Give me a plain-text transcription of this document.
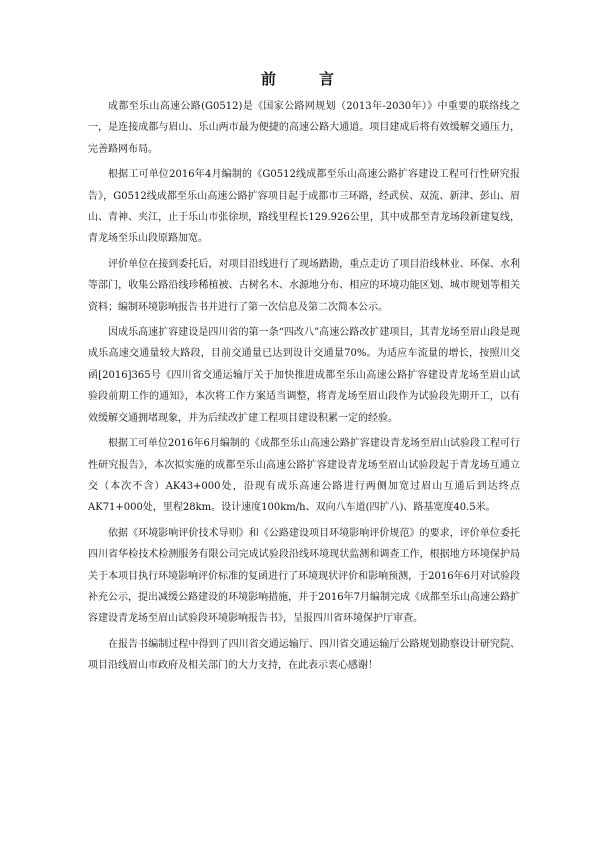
前　言

成都至乐山高速公路(G0512)是《国家公路网规划（2013年-2030年）》中重要的联络线之一，是连接成都与眉山、乐山两市最为便捷的高速公路大通道。项目建成后将有效缓解交通压力，完善路网布局。

根据工可单位2016年4月编制的《G0512线成都至乐山高速公路扩容建设工程可行性研究报告》，G0512线成都至乐山高速公路扩容项目起于成都市三环路，经武侯、双流、新津、彭山、眉山、青神、夹江，止于乐山市张徐坝，路线里程长129.926公里，其中成都至青龙场段新建复线，青龙场至乐山段原路加宽。

评价单位在接到委托后，对项目沿线进行了现场踏勘，重点走访了项目沿线林业、环保、水利等部门，收集公路沿线珍稀植被、古树名木、水源地分布、相应的环境功能区划、城市规划等相关资料；编制环境影响报告书并进行了第一次信息及第二次简本公示。

因成乐高速扩容建设是四川省的第一条“四改八”高速公路改扩建项目，其青龙场至眉山段是现成乐高速交通量较大路段，目前交通量已达到设计交通量70%。为适应车流量的增长，按照川交函[2016]365号《四川省交通运输厅关于加快推进成都至乐山高速公路扩容建设青龙场至眉山试验段前期工作的通知》，本次将工作方案适当调整，将青龙场至眉山段作为试验段先期开工，以有效缓解交通拥堵现象，并为后续改扩建工程项目建设积累一定的经验。

根据工可单位2016年6月编制的《成都至乐山高速公路扩容建设青龙场至眉山试验段工程可行性研究报告》，本次拟实施的成都至乐山高速公路扩容建设青龙场至眉山试验段起于青龙场互通立交（本次不含）AK43+000处，沿现有成乐高速公路进行两侧加宽过眉山互通后到达终点AK71+000处，里程28km。设计速度100km/h、双向八车道(四扩八)、路基宽度40.5米。

依据《环境影响评价技术导则》和《公路建设项目环境影响评价规范》的要求，评价单位委托四川省华检技术检测服务有限公司完成试验段沿线环境现状监测和调查工作，根据地方环境保护局关于本项目执行环境影响评价标准的复函进行了环境现状评价和影响预测，于2016年6月对试验段补充公示，提出减缓公路建设的环境影响措施，并于2016年7月编制完成《成都至乐山高速公路扩容建设青龙场至眉山试验段环境影响报告书》，呈报四川省环境保护厅审查。

在报告书编制过程中得到了四川省交通运输厅、四川省交通运输厅公路规划勘察设计研究院、项目沿线眉山市政府及相关部门的大力支持，在此表示衷心感谢！
